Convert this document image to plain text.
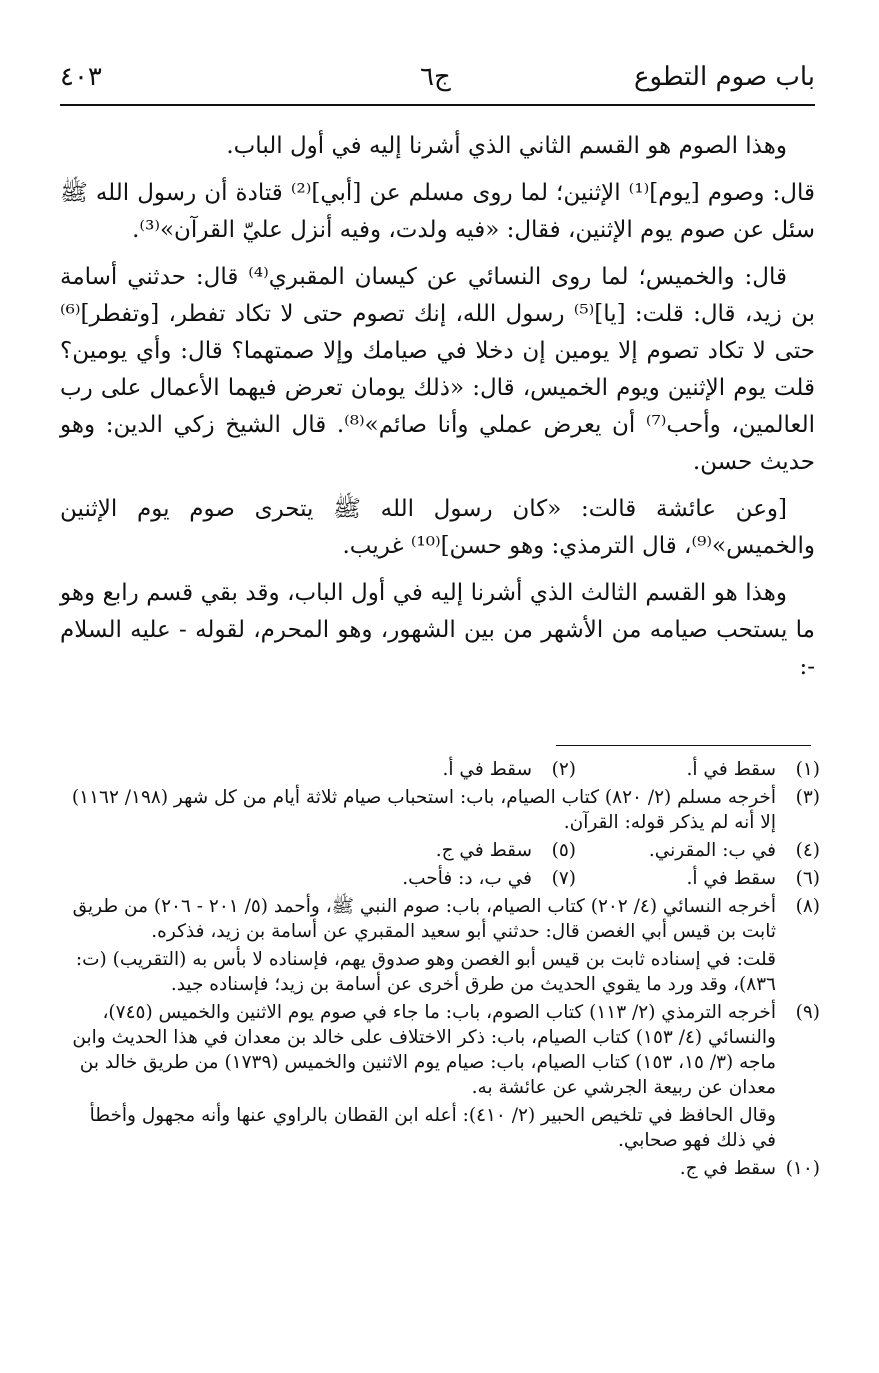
باب صوم التطوع
ج٦
٤٠٣

وهذا الصوم هو القسم الثاني الذي أشرنا إليه في أول الباب.

قال: وصوم [يوم]⁽¹⁾ الإثنين؛ لما روى مسلم عن [أبي]⁽²⁾ قتادة أن رسول الله ﷺ سئل عن صوم يوم الإثنين، فقال: «فيه ولدت، وفيه أنزل عليّ القرآن»⁽³⁾.

قال: والخميس؛ لما روى النسائي عن كيسان المقبري⁽⁴⁾ قال: حدثني أسامة بن زيد، قال: قلت: [يا]⁽⁵⁾ رسول الله، إنك تصوم حتى لا تكاد تفطر، [وتفطر]⁽⁶⁾ حتى لا تكاد تصوم إلا يومين إن دخلا في صيامك وإلا صمتهما؟ قال: وأي يومين؟ قلت يوم الإثنين ويوم الخميس، قال: «ذلك يومان تعرض فيهما الأعمال على رب العالمين، وأحب⁽⁷⁾ أن يعرض عملي وأنا صائم»⁽⁸⁾. قال الشيخ زكي الدين: وهو حديث حسن.

[وعن عائشة قالت: «كان رسول الله ﷺ يتحرى صوم يوم الإثنين والخميس»⁽⁹⁾، قال الترمذي: وهو حسن]⁽¹⁰⁾ غريب.

وهذا هو القسم الثالث الذي أشرنا إليه في أول الباب، وقد بقي قسم رابع وهو ما يستحب صيامه من الأشهر من بين الشهور، وهو المحرم، لقوله - عليه السلام -:

(١)
سقط في أ.
(٢)
سقط في أ.
(٣)
أخرجه مسلم (٢/ ٨٢٠) كتاب الصيام، باب: استحباب صيام ثلاثة أيام من كل شهر (١٩٨/ ١١٦٢) إلا أنه لم يذكر قوله: القرآن.
(٤)
في ب: المقرني.
(٥)
سقط في ج.
(٦)
سقط في أ.
(٧)
في ب، د: فأحب.
(٨)
أخرجه النسائي (٤/ ٢٠٢) كتاب الصيام، باب: صوم النبي ﷺ، وأحمد (٥/ ٢٠١ - ٢٠٦) من طريق ثابت بن قيس أبي الغصن قال: حدثني أبو سعيد المقبري عن أسامة بن زيد، فذكره.
قلت: في إسناده ثابت بن قيس أبو الغصن وهو صدوق يهم، فإسناده لا بأس به (التقريب) (ت: ٨٣٦)، وقد ورد ما يقوي الحديث من طرق أخرى عن أسامة بن زيد؛ فإسناده جيد.
(٩)
أخرجه الترمذي (٢/ ١١٣) كتاب الصوم، باب: ما جاء في صوم يوم الاثنين والخميس (٧٤٥)، والنسائي (٤/ ١٥٣) كتاب الصيام، باب: ذكر الاختلاف على خالد بن معدان في هذا الحديث وابن ماجه (٣/ ١٥، ١٥٣) كتاب الصيام، باب: صيام يوم الاثنين والخميس (١٧٣٩) من طريق خالد بن معدان عن ربيعة الجرشي عن عائشة به.
وقال الحافظ في تلخيص الحبير (٢/ ٤١٠): أعله ابن القطان بالراوي عنها وأنه مجهول وأخطأ في ذلك فهو صحابي.
(١٠)
سقط في ج.
